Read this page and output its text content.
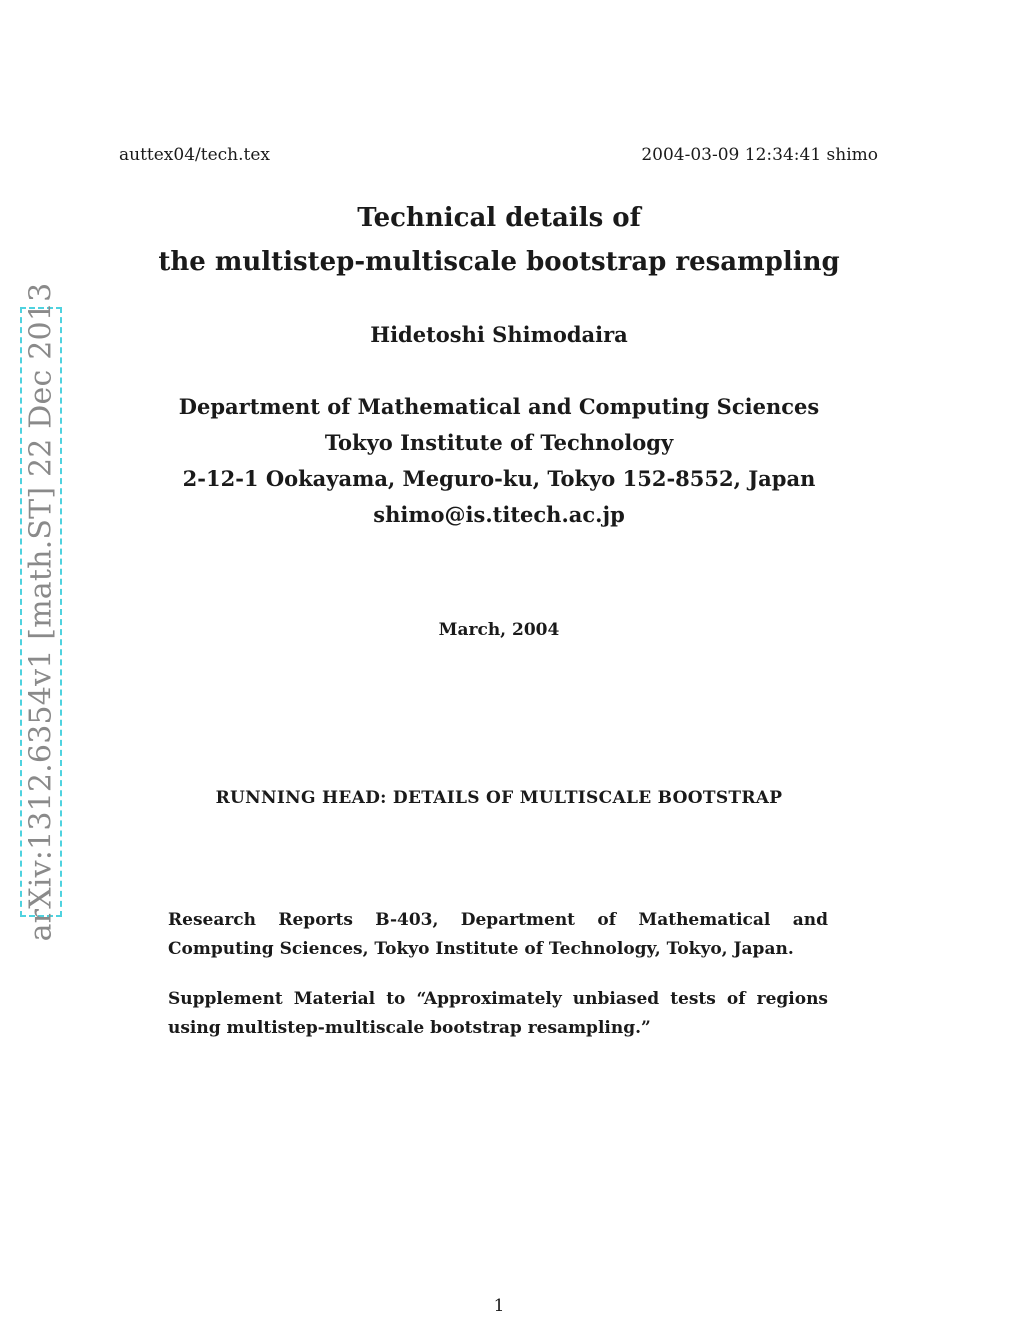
auttex04/tech.tex	2004-03-09 12:34:41 shimo
Technical details of
the multistep-multiscale bootstrap resampling
Hidetoshi Shimodaira
Department of Mathematical and Computing Sciences
Tokyo Institute of Technology
2-12-1 Ookayama, Meguro-ku, Tokyo 152-8552, Japan
shimo@is.titech.ac.jp
March, 2004
RUNNING HEAD: DETAILS OF MULTISCALE BOOTSTRAP
Research Reports B-403, Department of Mathematical and Computing Sciences, Tokyo Institute of Technology, Tokyo, Japan.
Supplement Material to “Approximately unbiased tests of regions using multistep-multiscale bootstrap resampling.”
1
arXiv:1312.6354v1 [math.ST] 22 Dec 2013
